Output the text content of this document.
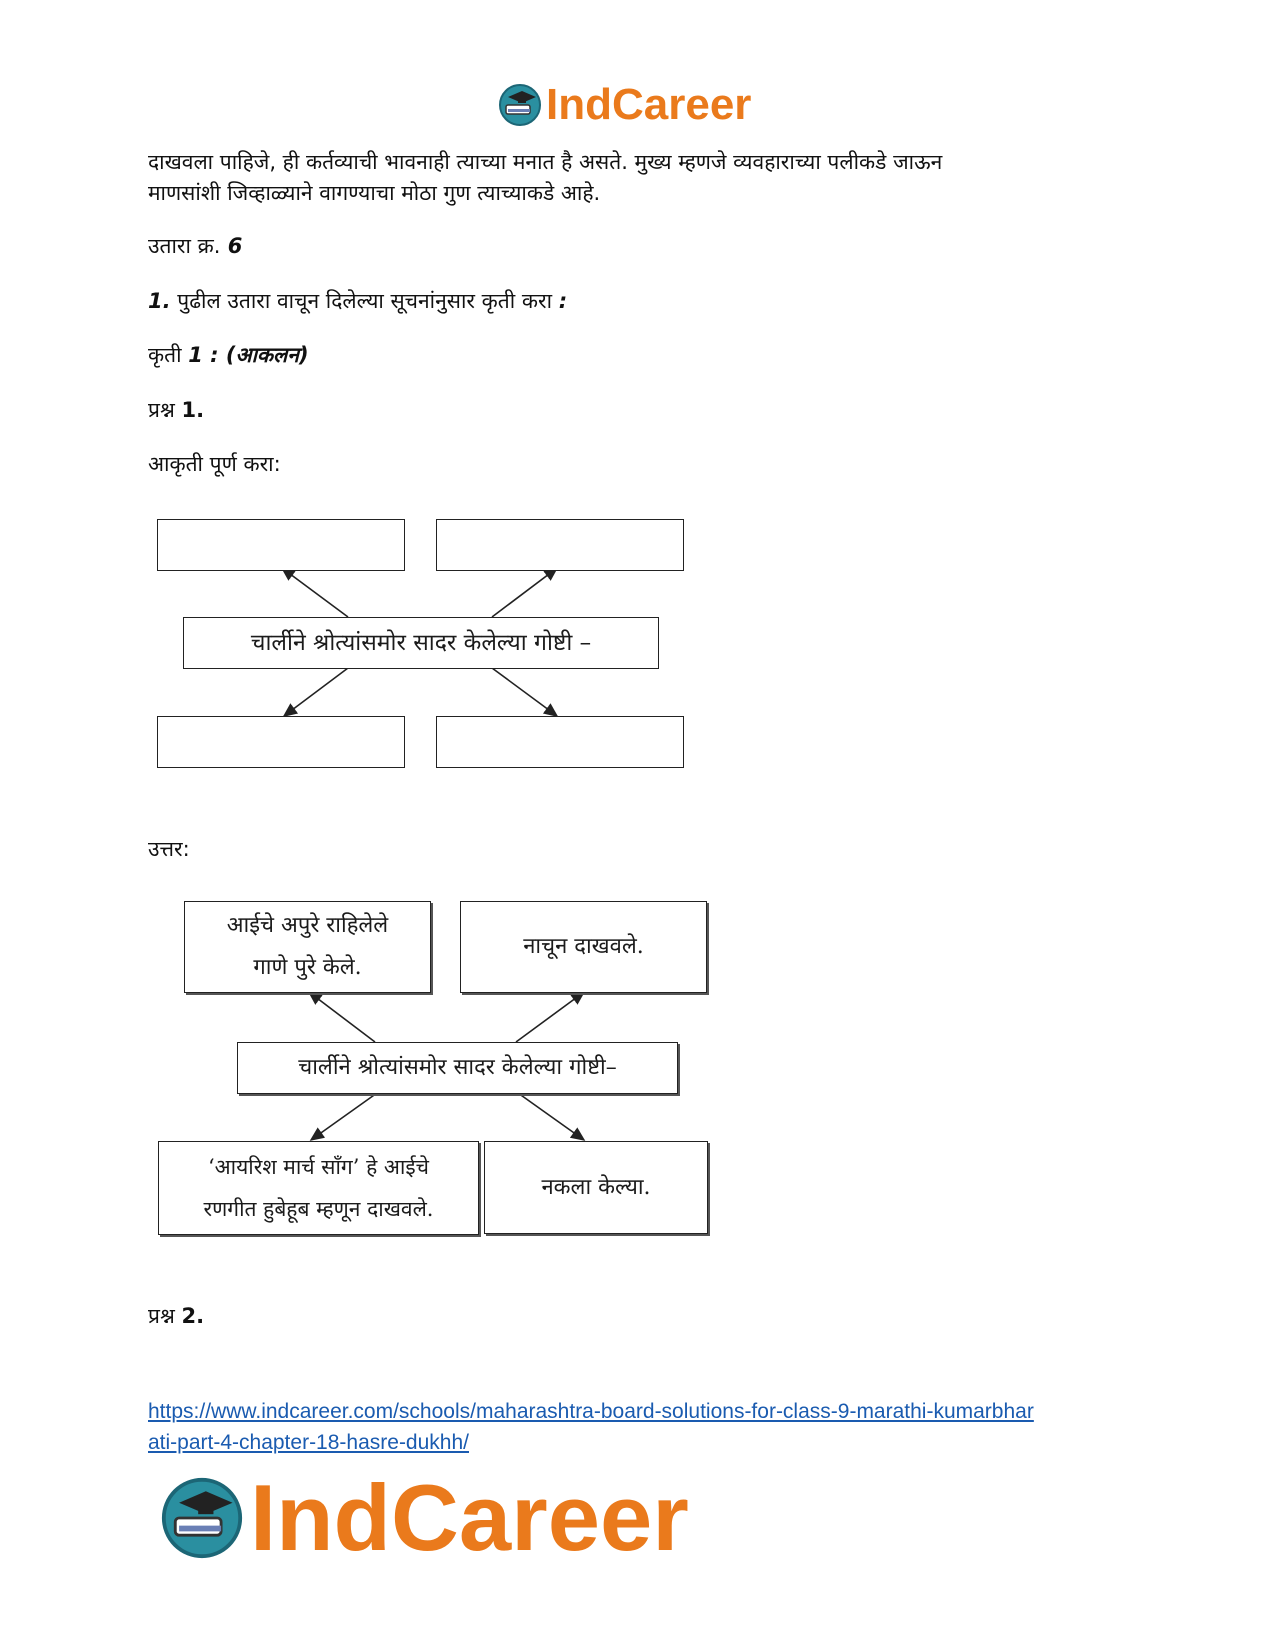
IndCareer
दाखवला पाहिजे, ही कर्तव्याची भावनाही त्याच्या मनात है असते. मुख्य म्हणजे व्यवहाराच्या पलीकडे जाऊन
माणसांशी जिव्हाळ्याने वागण्याचा मोठा गुण त्याच्याकडे आहे.
उतारा क्र. 6
1. पुढील उतारा वाचून दिलेल्या सूचनांनुसार कृती करा :
कृती 1 : (आकलन)
प्रश्न 1.
आकृती पूर्ण करा:
चार्लीने श्रोत्यांसमोर सादर केलेल्या गोष्टी –
उत्तर:
आईचे अपुरे राहिलेले
गाणे पुरे केले.
नाचून दाखवले.
चार्लीने श्रोत्यांसमोर सादर केलेल्या गोष्टी–
‘आयरिश मार्च साँग’ हे आईचे
रणगीत हुबेहूब म्हणून दाखवले.
नकला केल्या.
प्रश्न 2.
https://www.indcareer.com/schools/maharashtra-board-solutions-for-class-9-marathi-kumarbhar
ati-part-4-chapter-18-hasre-dukhh/
IndCareer
